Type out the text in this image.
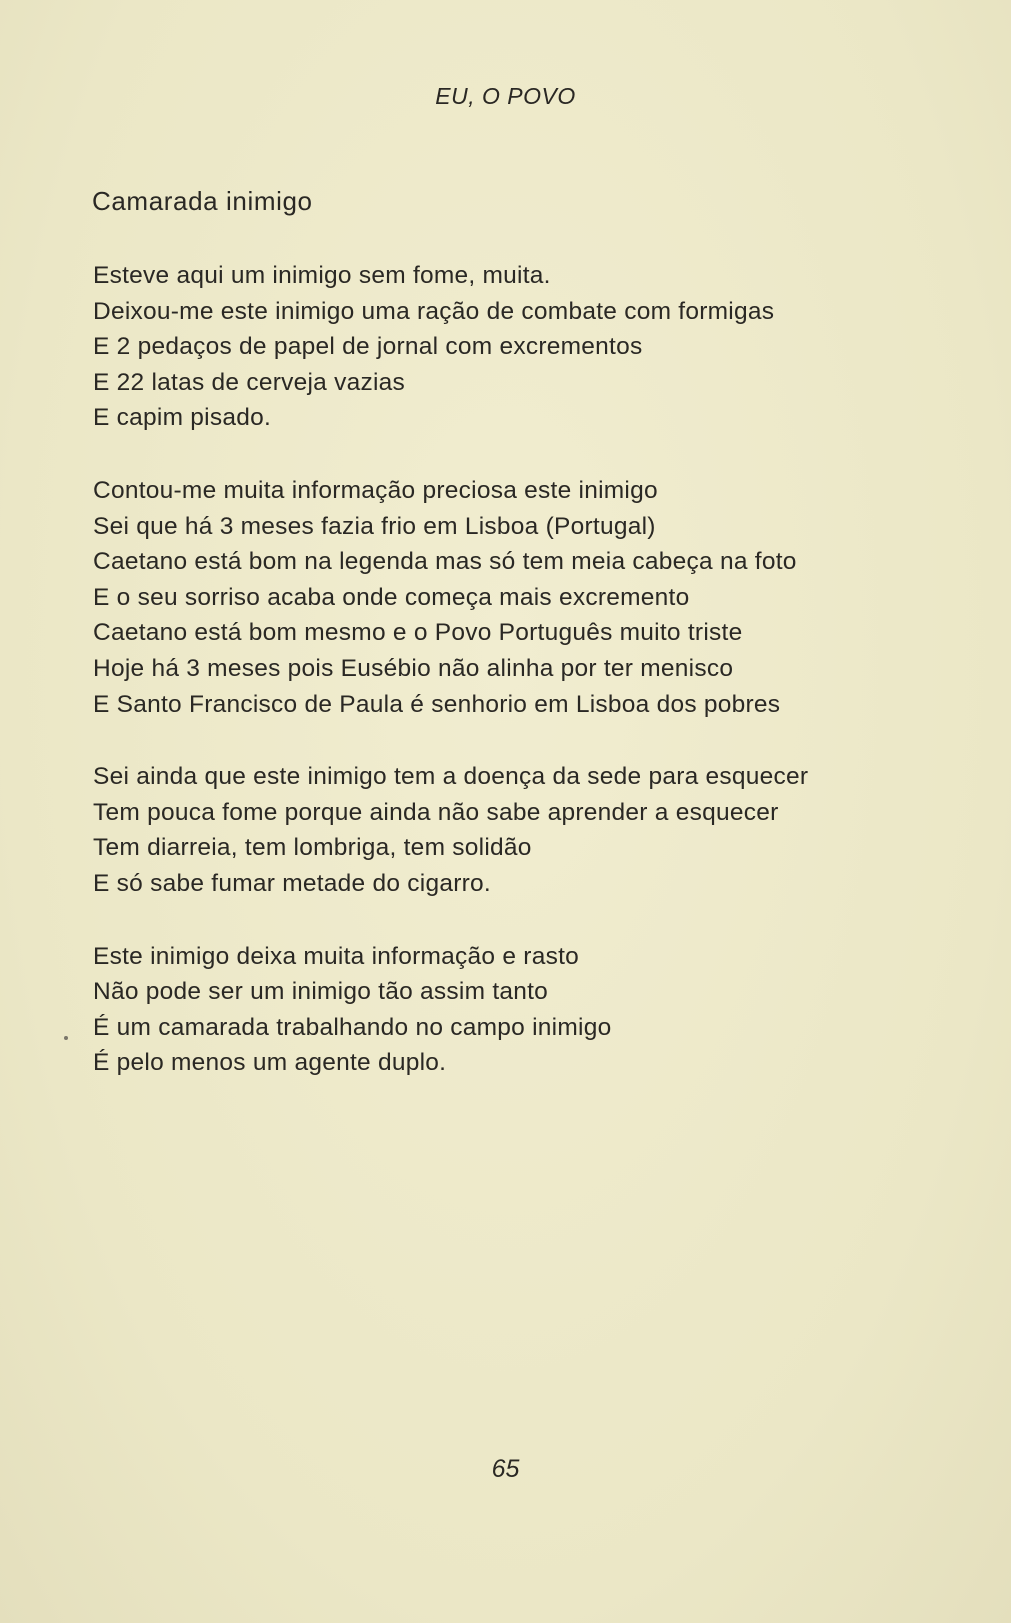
EU, O POVO
Camarada inimigo

Esteve aqui um inimigo sem fome, muita.
Deixou-me este inimigo uma ração de combate com formigas
E 2 pedaços de papel de jornal com excrementos
E 22 latas de cerveja vazias
E capim pisado.

Contou-me muita informação preciosa este inimigo
Sei que há 3 meses fazia frio em Lisboa (Portugal)
Caetano está bom na legenda mas só tem meia cabeça na foto
E o seu sorriso acaba onde começa mais excremento
Caetano está bom mesmo e o Povo Português muito triste
Hoje há 3 meses pois Eusébio não alinha por ter menisco
E Santo Francisco de Paula é senhorio em Lisboa dos pobres

Sei ainda que este inimigo tem a doença da sede para esquecer
Tem pouca fome porque ainda não sabe aprender a esquecer
Tem diarreia, tem lombriga, tem solidão
E só sabe fumar metade do cigarro.

Este inimigo deixa muita informação e rasto
Não pode ser um inimigo tão assim tanto
É um camarada trabalhando no campo inimigo
É pelo menos um agente duplo.

65
